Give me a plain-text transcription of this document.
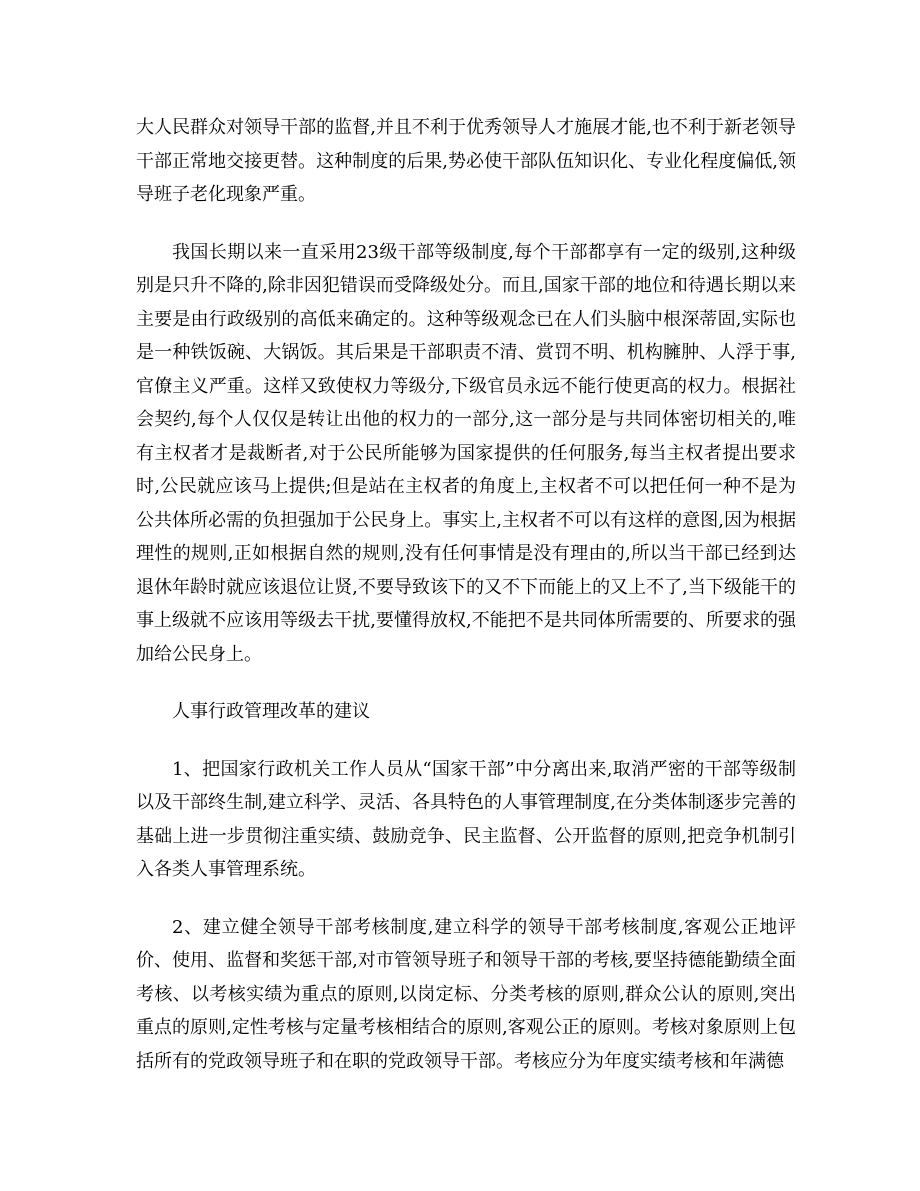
大人民群众对领导干部的监督,并且不利于优秀领导人才施展才能,也不利于新老领导干部正常地交接更替。这种制度的后果,势必使干部队伍知识化、专业化程度偏低,领导班子老化现象严重。

我国长期以来一直采用23级干部等级制度,每个干部都享有一定的级别,这种级别是只升不降的,除非因犯错误而受降级处分。而且,国家干部的地位和待遇长期以来主要是由行政级别的高低来确定的。这种等级观念已在人们头脑中根深蒂固,实际也是一种铁饭碗、大锅饭。其后果是干部职责不清、赏罚不明、机构臃肿、人浮于事,官僚主义严重。这样又致使权力等级分,下级官员永远不能行使更高的权力。根据社会契约,每个人仅仅是转让出他的权力的一部分,这一部分是与共同体密切相关的,唯有主权者才是裁断者,对于公民所能够为国家提供的任何服务,每当主权者提出要求时,公民就应该马上提供;但是站在主权者的角度上,主权者不可以把任何一种不是为公共体所必需的负担强加于公民身上。事实上,主权者不可以有这样的意图,因为根据理性的规则,正如根据自然的规则,没有任何事情是没有理由的,所以当干部已经到达退休年龄时就应该退位让贤,不要导致该下的又不下而能上的又上不了,当下级能干的事上级就不应该用等级去干扰,要懂得放权,不能把不是共同体所需要的、所要求的强加给公民身上。

人事行政管理改革的建议

1、把国家行政机关工作人员从“国家干部”中分离出来,取消严密的干部等级制以及干部终生制,建立科学、灵活、各具特色的人事管理制度,在分类体制逐步完善的基础上进一步贯彻注重实绩、鼓励竞争、民主监督、公开监督的原则,把竞争机制引入各类人事管理系统。

2、建立健全领导干部考核制度,建立科学的领导干部考核制度,客观公正地评价、使用、监督和奖惩干部,对市管领导班子和领导干部的考核,要坚持德能勤绩全面考核、以考核实绩为重点的原则,以岗定标、分类考核的原则,群众公认的原则,突出重点的原则,定性考核与定量考核相结合的原则,客观公正的原则。考核对象原则上包括所有的党政领导班子和在职的党政领导干部。考核应分为年度实绩考核和年满德
